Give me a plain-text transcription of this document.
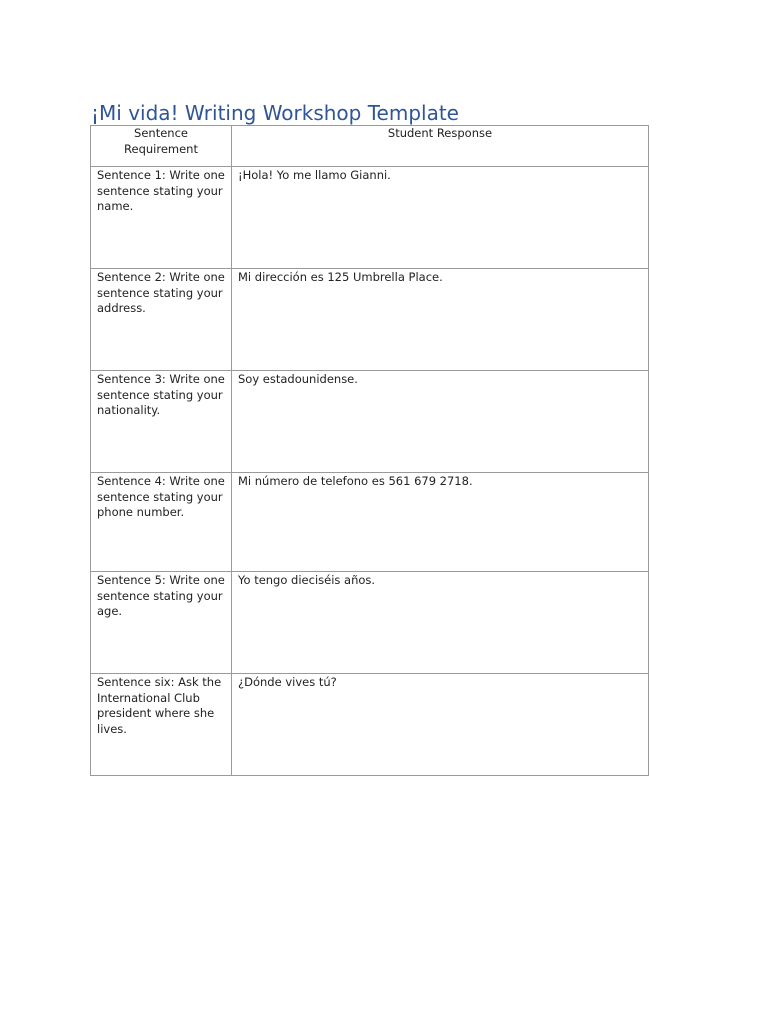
¡Mi vida! Writing Workshop Template
Sentence Requirement	Student Response
Sentence 1: Write one sentence stating your name.	¡Hola! Yo me llamo Gianni.
Sentence 2: Write one sentence stating your address.	Mi dirección es 125 Umbrella Place.
Sentence 3: Write one sentence stating your nationality.	Soy estadounidense.
Sentence 4: Write one sentence stating your phone number.	Mi número de telefono es 561 679 2718.
Sentence 5: Write one sentence stating your age.	Yo tengo dieciséis años.
Sentence six: Ask the International Club president where she lives.	¿Dónde vives tú?
